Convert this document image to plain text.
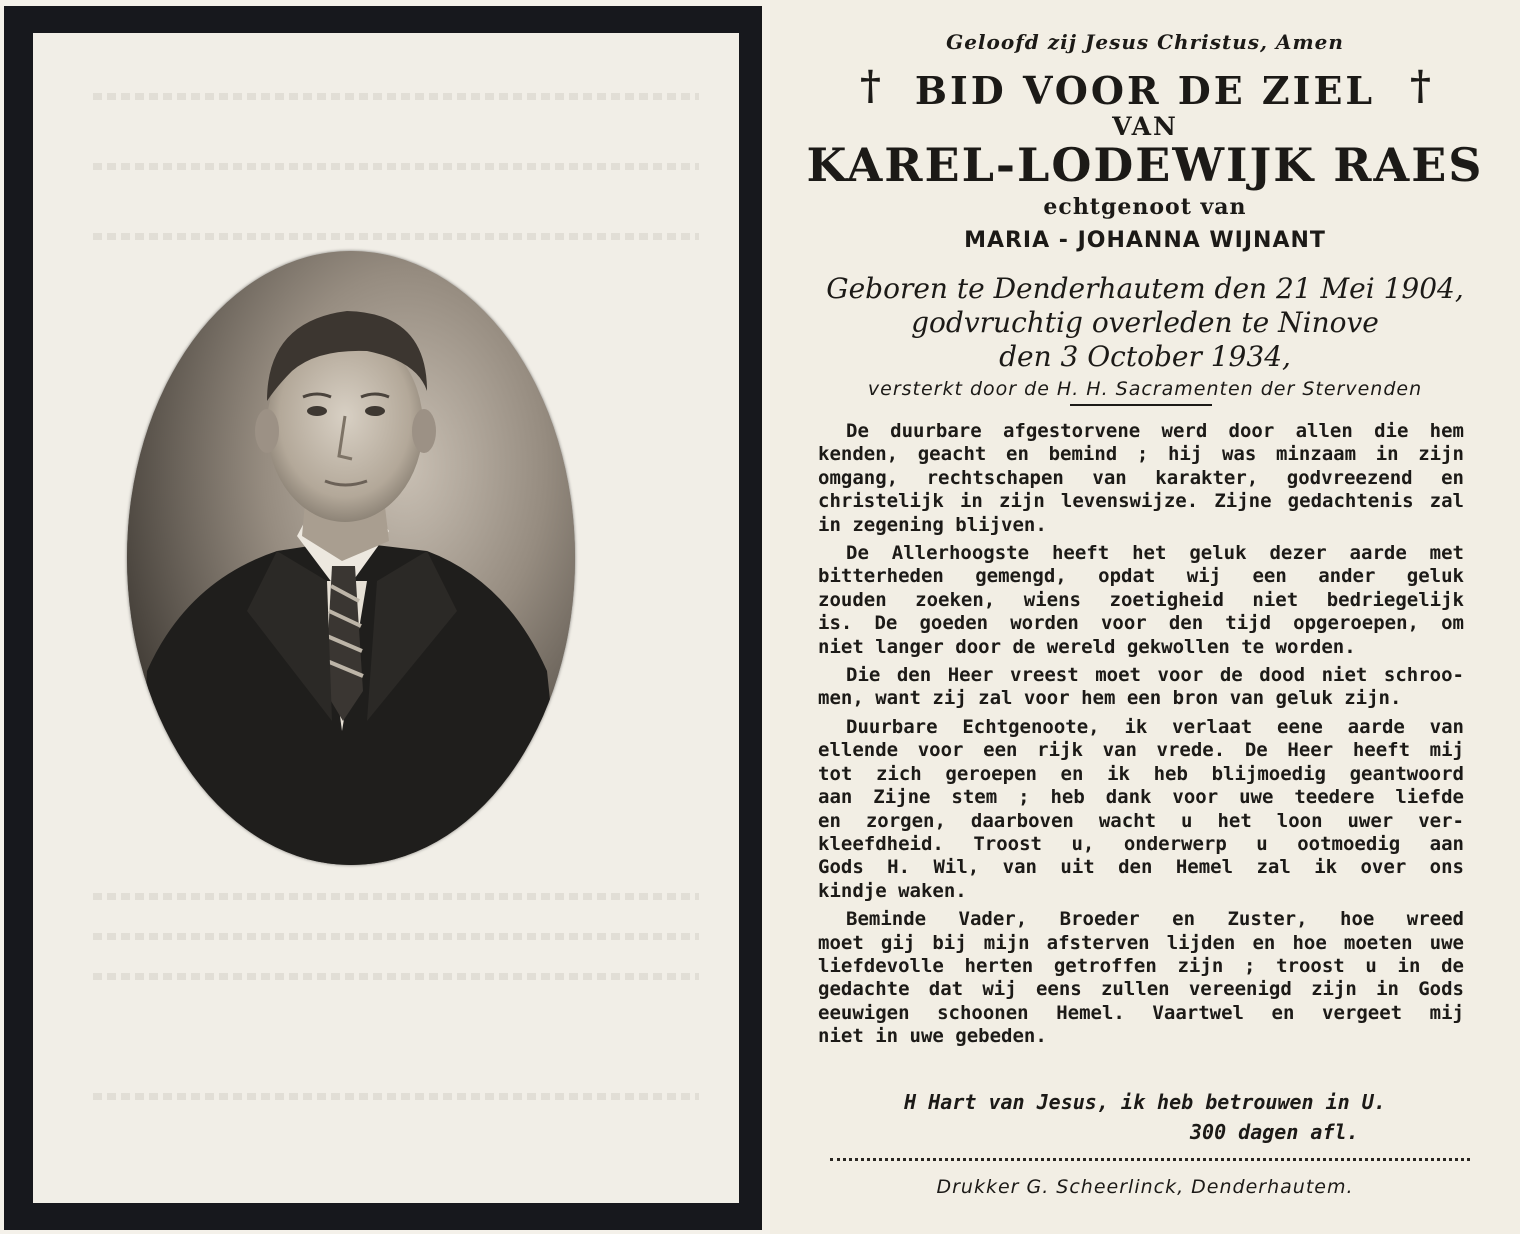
Geloofd zij Jesus Christus, Amen
† BID VOOR DE ZIEL †
VAN
KAREL-LODEWIJK RAES
echtgenoot van
MARIA - JOHANNA WIJNANT
Geboren te Denderhautem den 21 Mei 1904,
godvruchtig overleden te Ninove
den 3 October 1934,
versterkt door de H. H. Sacramenten der Stervenden

De duurbare afgestorvene werd door allen die hem
kenden, geacht en bemind ; hij was minzaam in zijn
omgang, rechtschapen van karakter, godvreezend en
christelijk in zijn levenswijze. Zijne gedachtenis zal
in zegening blijven.

De Allerhoogste heeft het geluk dezer aarde met
bitterheden gemengd, opdat wij een ander geluk
zouden zoeken, wiens zoetigheid niet bedriegelijk
is. De goeden worden voor den tijd opgeroepen, om
niet langer door de wereld gekwollen te worden.

Die den Heer vreest moet voor de dood niet schroo-
men, want zij zal voor hem een bron van geluk zijn.

Duurbare Echtgenoote, ik verlaat eene aarde van
ellende voor een rijk van vrede. De Heer heeft mij
tot zich geroepen en ik heb blijmoedig geantwoord
aan Zijne stem ; heb dank voor uwe teedere liefde
en zorgen, daarboven wacht u het loon uwer ver-
kleefdheid. Troost u, onderwerp u ootmoedig aan
Gods H. Wil, van uit den Hemel zal ik over ons
kindje waken.

Beminde Vader, Broeder en Zuster, hoe wreed
moet gij bij mijn afsterven lijden en hoe moeten uwe
liefdevolle herten getroffen zijn ; troost u in de
gedachte dat wij eens zullen vereenigd zijn in Gods
eeuwigen schoonen Hemel. Vaartwel en vergeet mij
niet in uwe gebeden.

H Hart van Jesus, ik heb betrouwen in U.
300 dagen afl.
Drukker G. Scheerlinck, Denderhautem.
